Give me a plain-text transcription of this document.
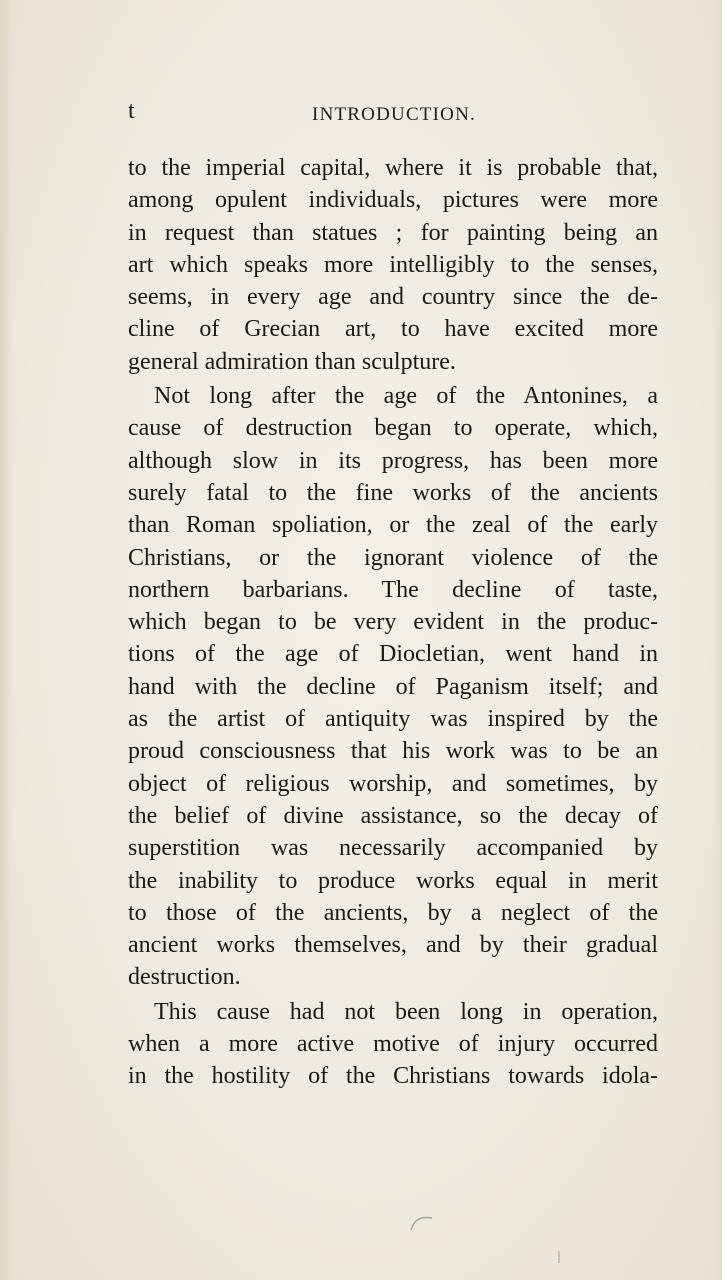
t	INTRODUCTION.
to the imperial capital, where it is probable that,
among opulent individuals, pictures were more
in request than statues ; for painting being an
art which speaks more intelligibly to the senses,
seems, in every age and country since the de-
cline of Grecian art, to have excited more
general admiration than sculpture.
Not long after the age of the Antonines, a
cause of destruction began to operate, which,
although slow in its progress, has been more
surely fatal to the fine works of the ancients
than Roman spoliation, or the zeal of the early
Christians, or the ignorant violence of the
northern barbarians. The decline of taste,
which began to be very evident in the produc-
tions of the age of Diocletian, went hand in
hand with the decline of Paganism itself; and
as the artist of antiquity was inspired by the
proud consciousness that his work was to be an
object of religious worship, and sometimes, by
the belief of divine assistance, so the decay of
superstition was necessarily accompanied by
the inability to produce works equal in merit
to those of the ancients, by a neglect of the
ancient works themselves, and by their gradual
destruction.
This cause had not been long in operation,
when a more active motive of injury occurred
in the hostility of the Christians towards idola-
